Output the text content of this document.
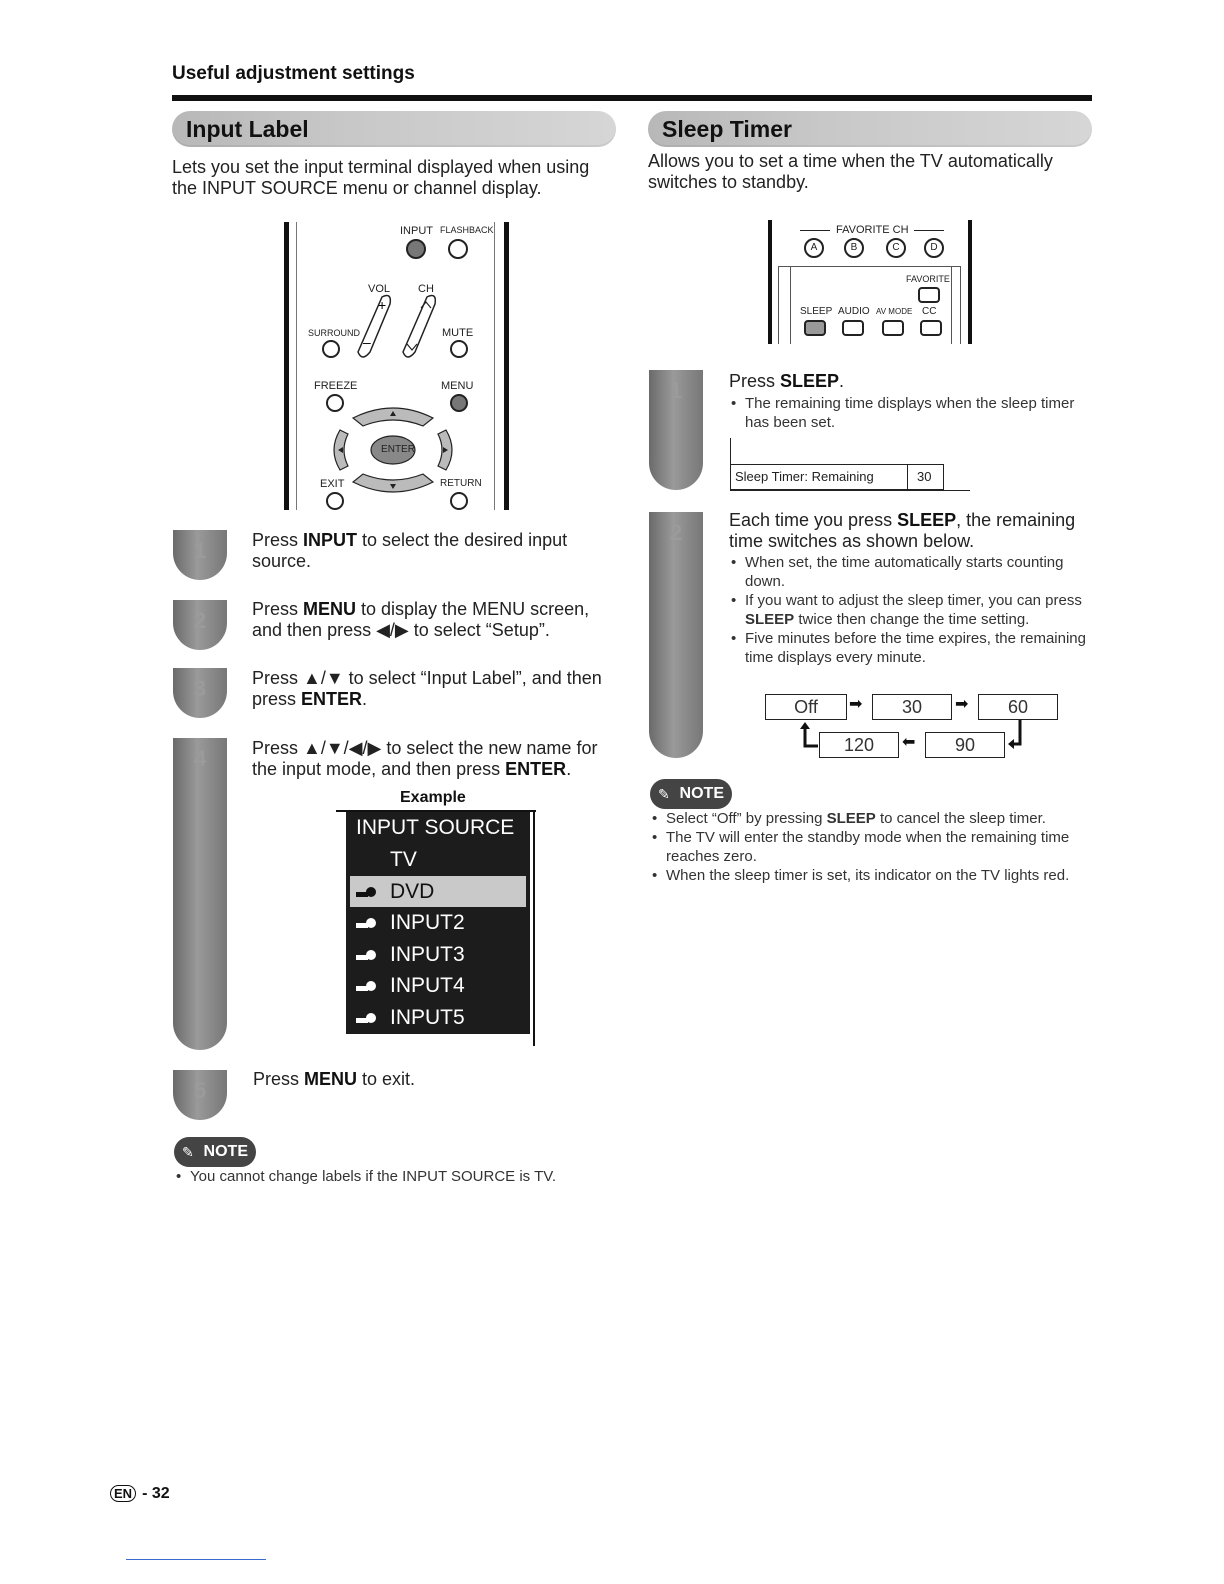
Useful adjustment settings
Input Label
Lets you set the input terminal displayed when using the INPUT SOURCE menu or channel display.
INPUT FLASHBACK
VOL	CH
+
–
SURROUND	MUTE
FREEZE	MENU
ENTER
EXIT	RETURN
1	Press INPUT to select the desired input source.
2	Press MENU to display the MENU screen, and then press ◀/▶ to select “Setup”.
3	Press ▲/▼ to select “Input Label”, and then press ENTER.
4	Press ▲/▼/◀/▶ to select the new name for the input mode, and then press ENTER.
Example
INPUT SOURCE
TV
DVD
INPUT2
INPUT3
INPUT4
INPUT5
5	Press MENU to exit.
✎ NOTE
• You cannot change labels if the INPUT SOURCE is TV.
Sleep Timer
Allows you to set a time when the TV automatically switches to standby.
FAVORITE CH
A	B	C	D
FAVORITE
SLEEP AUDIO AV MODE CC
1	Press SLEEP.
• The remaining time displays when the sleep timer has been set.
Sleep Timer: Remaining	30
2	Each time you press SLEEP, the remaining time switches as shown below.
• When set, the time automatically starts counting down.
• If you want to adjust the sleep timer, you can press SLEEP twice then change the time setting.
• Five minutes before the time expires, the remaining time displays every minute.
Off	➡	30	➡	60
90
⬅
120
✎ NOTE
• Select “Off” by pressing SLEEP to cancel the sleep timer.
• The TV will enter the standby mode when the remaining time reaches zero.
• When the sleep timer is set, its indicator on the TV lights red.
EN - 32
